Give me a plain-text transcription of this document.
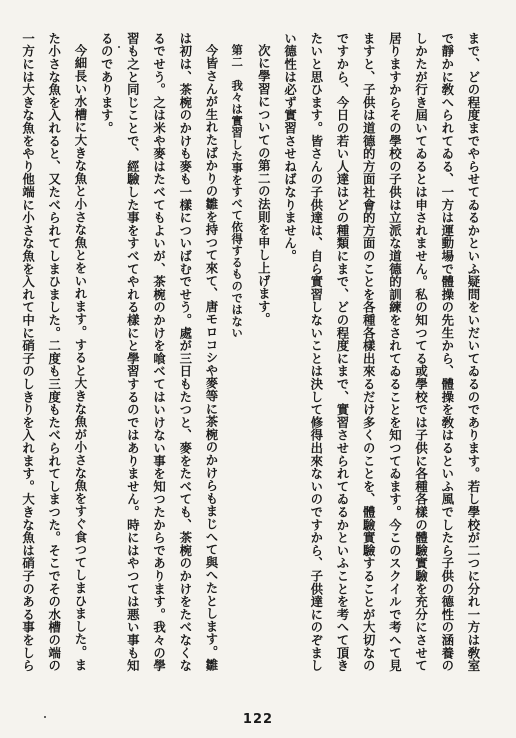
まで、どの程度までやらせてゐるかといふ疑問をいだいてゐるのであります。若し學校が二つに分れ一方は敎室で靜かに敎へられてゐる、一方は運動場で體操の先生から、體操を敎はるといふ風でしたら子供の德性の涵養のしかたが行き屆いてゐるとは申されません。私の知つてる或學校では子供に各種各樣の體驗實驗を充分にさせて居りますからその學校の子供は立派な道德的訓練をされてゐることを知つてゐます。今このスクイルで考へて見ますと、子供は道德的方面社會的方面のことを各種各樣出來るだけ多くのことを、體驗實驗することが大切なのですから、今日の若い人達はどの種類にまで、どの程度にまで、實習させられてゐるかといふことを考へて頂きたいと思ひます。皆さんの子供達は、自ら實習しないことは決して修得出來ないのですから、子供達にのぞましい德性は必ず實習させねばなりません。

次に學習についての第二の法則を申し上げます。

第二　我々は實習した事をすべて依得するものではない

今皆さんが生れたばかりの雛を持つて來て、唐モロコシや麥等に茶椀のかけらもまじへて與へたとします。雛は初は、茶椀のかけも麥も一樣についばむでせう。處が三日もたつと、麥をたべても、茶椀のかけをたべなくなるでせう。之は米や麥はたべてもよいが、茶椀のかけを喰べてはいけない事を知つたからであります。我々の學習も之と同じことで、經驗した事をすべてやれる樣にと學習するのではありません。時にはやつては悪い事も知るのであります。

今細長い水槽に大きな魚と小さな魚とをいれます。すると大きな魚が小さな魚をすぐ食つてしまひました。また小さな魚を入れると、又たべられてしまひました。二度も三度もたべられてしまつた。そこでその水槽の端の一方には大きな魚をやり他端に小さな魚を入れて中に硝子のしきりを入れます。大きな魚は硝子のある事をしら

122
